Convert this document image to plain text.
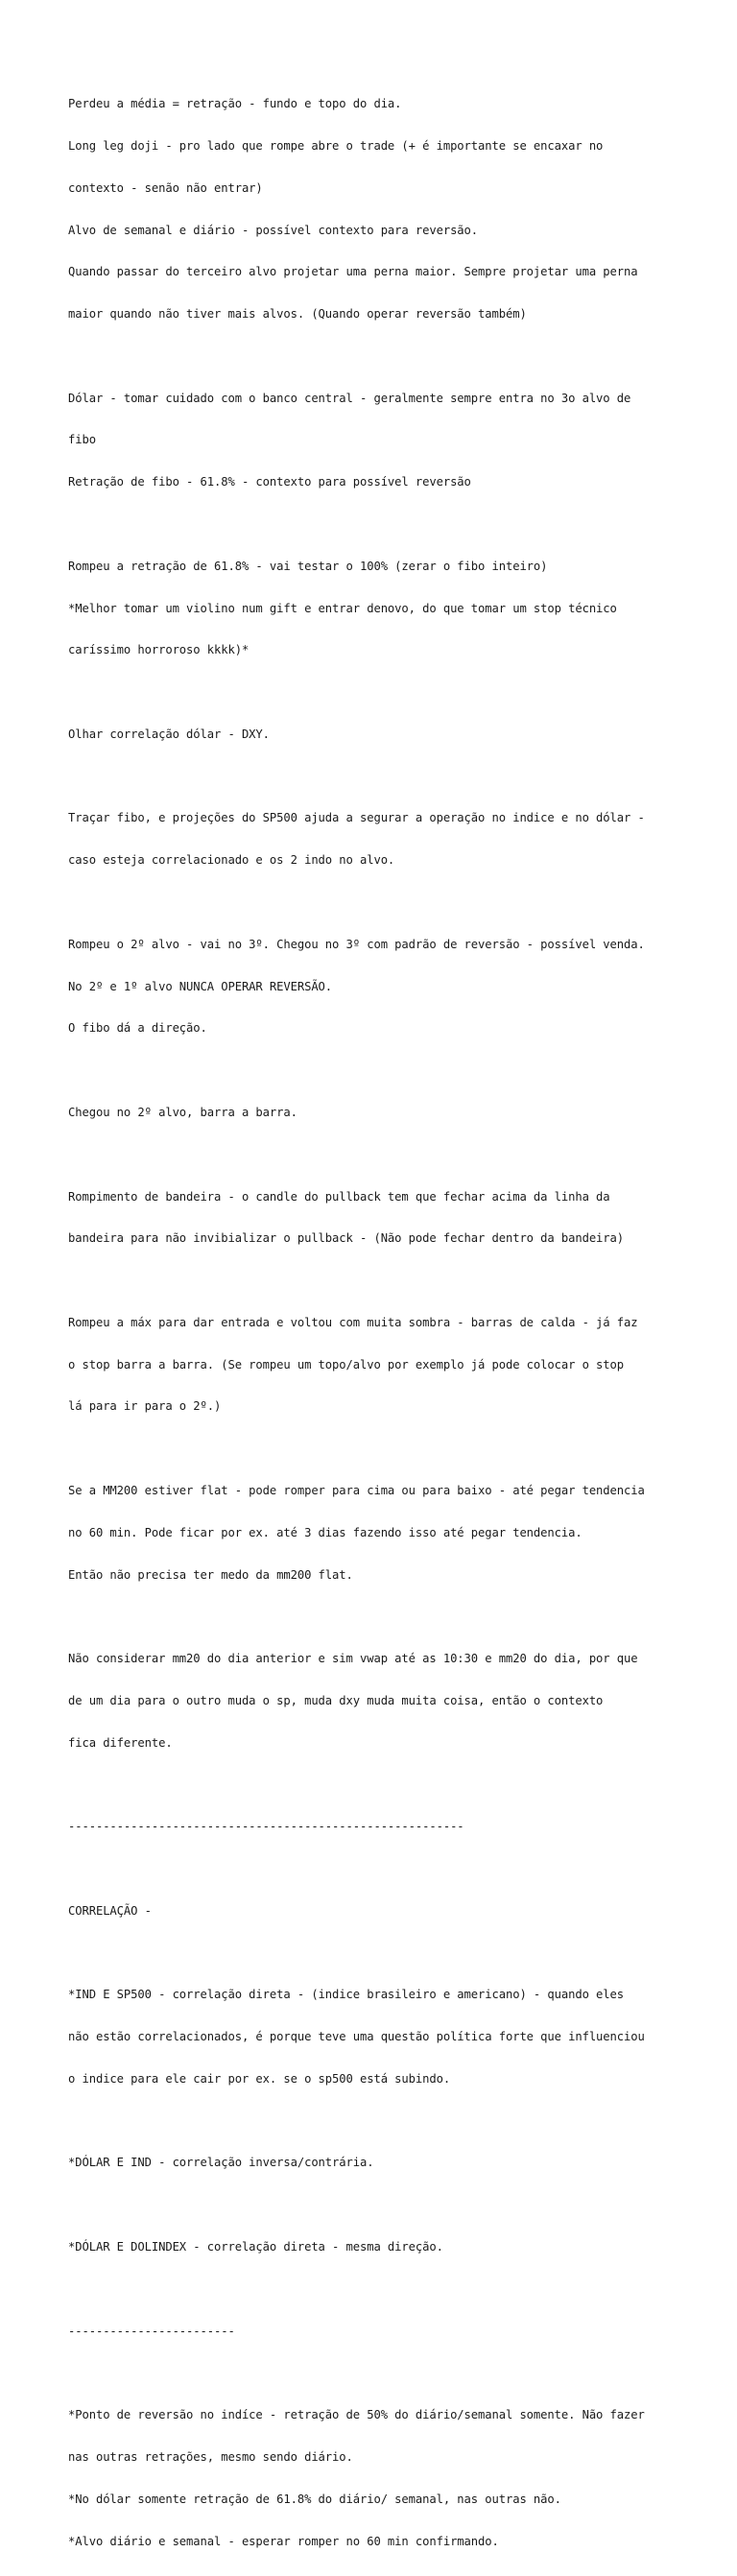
Perdeu a média = retração - fundo e topo do dia.

Long leg doji - pro lado que rompe abre o trade (+ é importante se encaxar no

contexto - senão não entrar)

Alvo de semanal e diário - possível contexto para reversão.

Quando passar do terceiro alvo projetar uma perna maior. Sempre projetar uma perna

maior quando não tiver mais alvos. (Quando operar reversão também)

Dólar - tomar cuidado com o banco central - geralmente sempre entra no 3o alvo de

fibo

Retração de fibo - 61.8% - contexto para possível reversão

Rompeu a retração de 61.8% - vai testar o 100% (zerar o fibo inteiro)

*Melhor tomar um violino num gift e entrar denovo, do que tomar um stop técnico

caríssimo horroroso kkkk)*

Olhar correlação dólar - DXY.

Traçar fibo, e projeções do SP500 ajuda a segurar a operação no indice e no dólar -

caso esteja correlacionado e os 2 indo no alvo.

Rompeu o 2º alvo - vai no 3º. Chegou no 3º com padrão de reversão - possível venda.

No 2º e 1º alvo NUNCA OPERAR REVERSÃO.

O fibo dá a direção.

Chegou no 2º alvo, barra a barra.

Rompimento de bandeira - o candle do pullback tem que fechar acima da linha da

bandeira para não invibializar o pullback - (Não pode fechar dentro da bandeira)

Rompeu a máx para dar entrada e voltou com muita sombra - barras de calda - já faz

o stop barra a barra. (Se rompeu um topo/alvo por exemplo já pode colocar o stop

lá para ir para o 2º.)

Se a MM200 estiver flat - pode romper para cima ou para baixo - até pegar tendencia

no 60 min. Pode ficar por ex. até 3 dias fazendo isso até pegar tendencia.

Então não precisa ter medo da mm200 flat.

Não considerar mm20 do dia anterior e sim vwap até as 10:30 e mm20 do dia, por que

de um dia para o outro muda o sp, muda dxy muda muita coisa, então o contexto

fica diferente.

---------------------------------------------------------

CORRELAÇÃO -

*IND E SP500 - correlação direta - (indice brasileiro e americano) - quando eles

não estão correlacionados, é porque teve uma questão política forte que influenciou

o indice para ele cair por ex. se o sp500 está subindo.

*DÓLAR E IND - correlação inversa/contrária.

*DÓLAR E DOLINDEX - correlação direta - mesma direção.

------------------------

*Ponto de reversão no indíce - retração de 50% do diário/semanal somente. Não fazer

nas outras retrações, mesmo sendo diário.

*No dólar somente retração de 61.8% do diário/ semanal, nas outras não.

*Alvo diário e semanal - esperar romper no 60 min confirmando.
